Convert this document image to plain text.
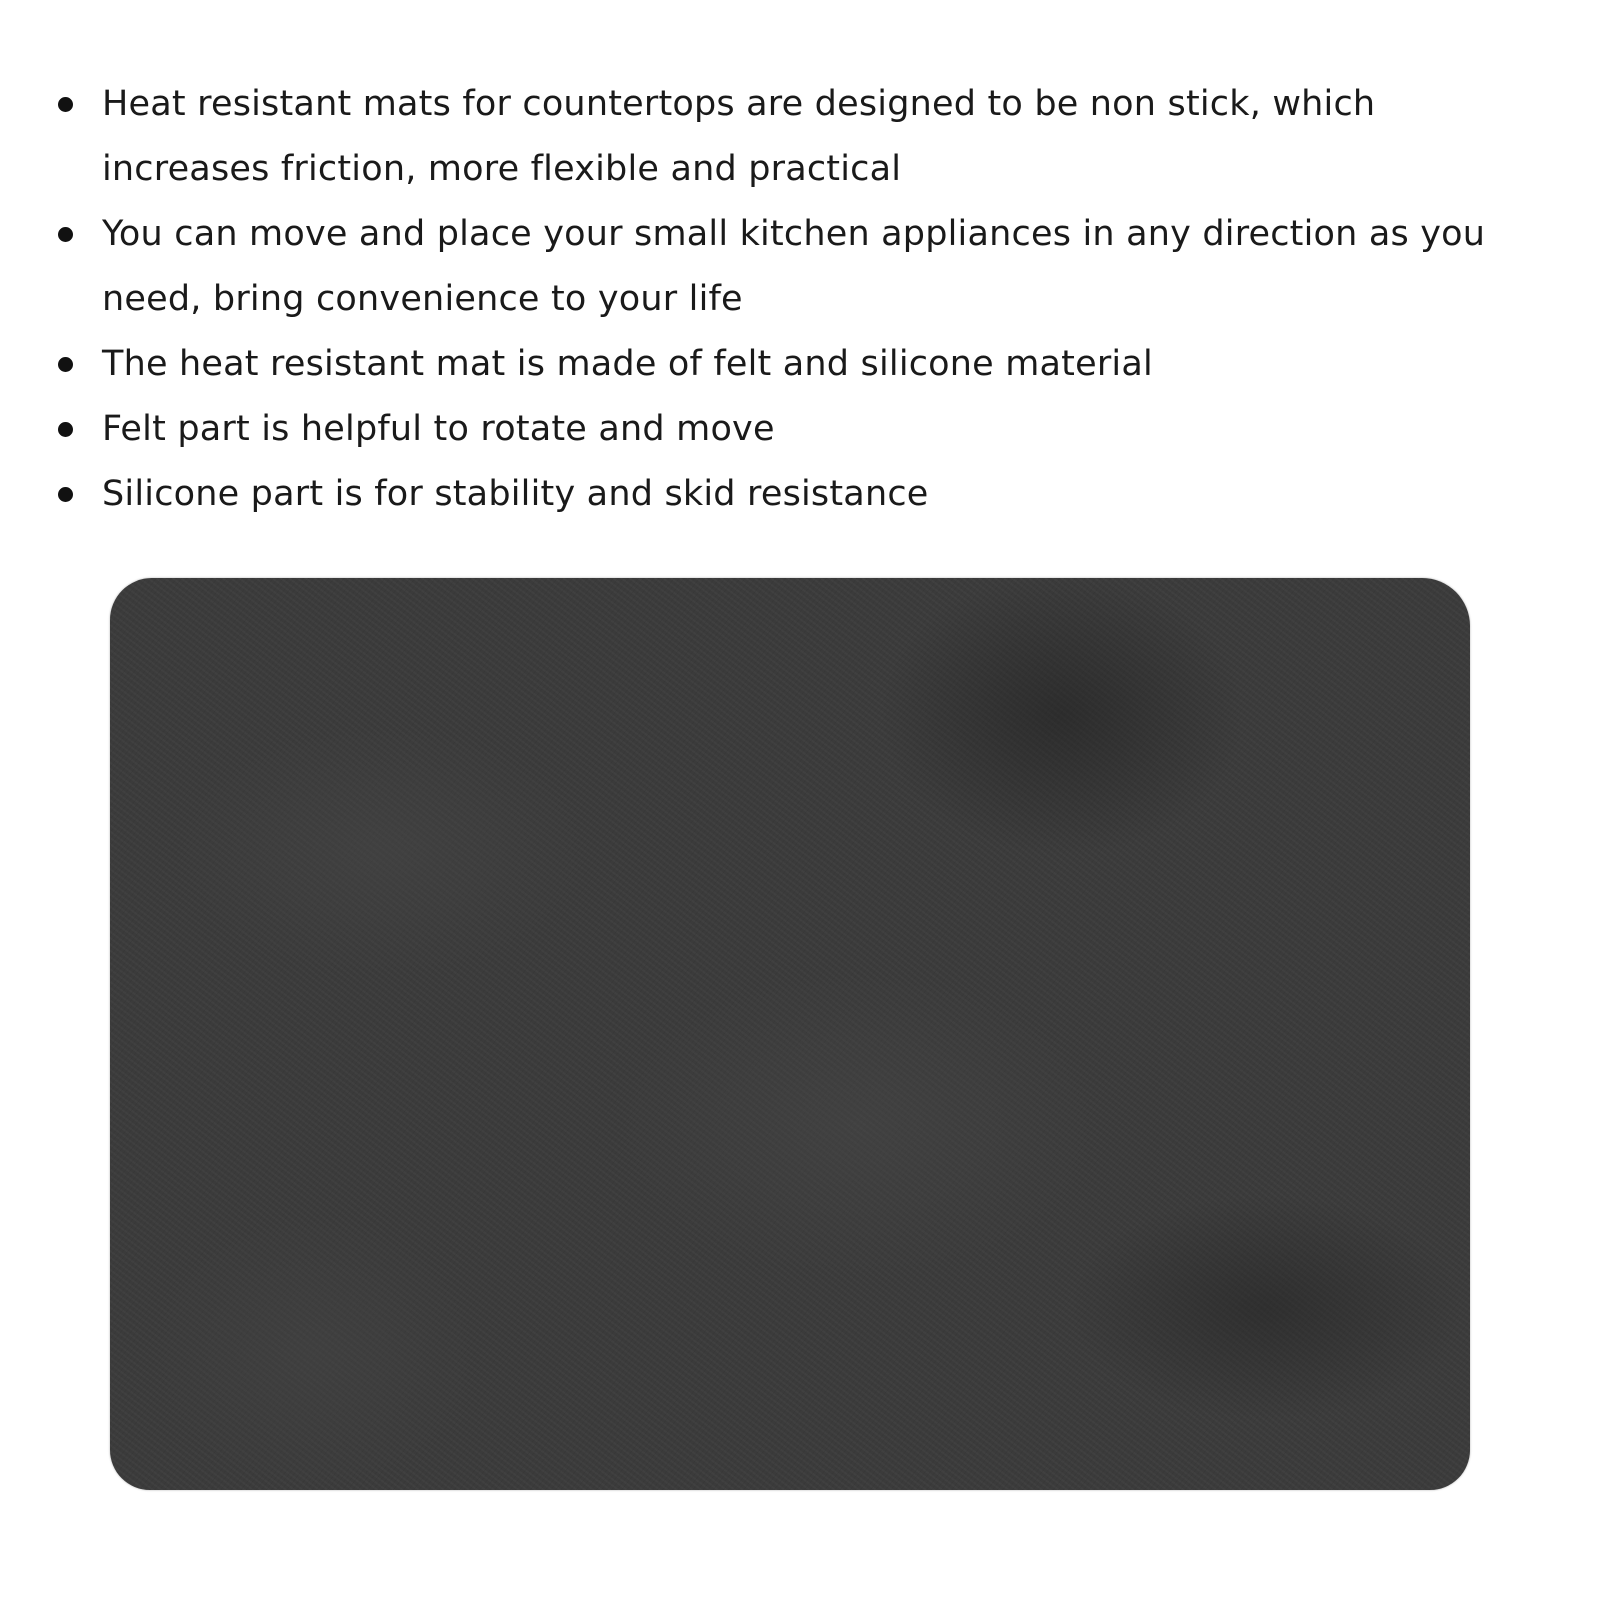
Heat resistant mats for countertops are designed to be non stick, which increases friction, more flexible and practical
You can move and place your small kitchen appliances in any direction as you need, bring convenience to your life
The heat resistant mat is made of felt and silicone material
Felt part is helpful to rotate and move
Silicone part is for stability and skid resistance
